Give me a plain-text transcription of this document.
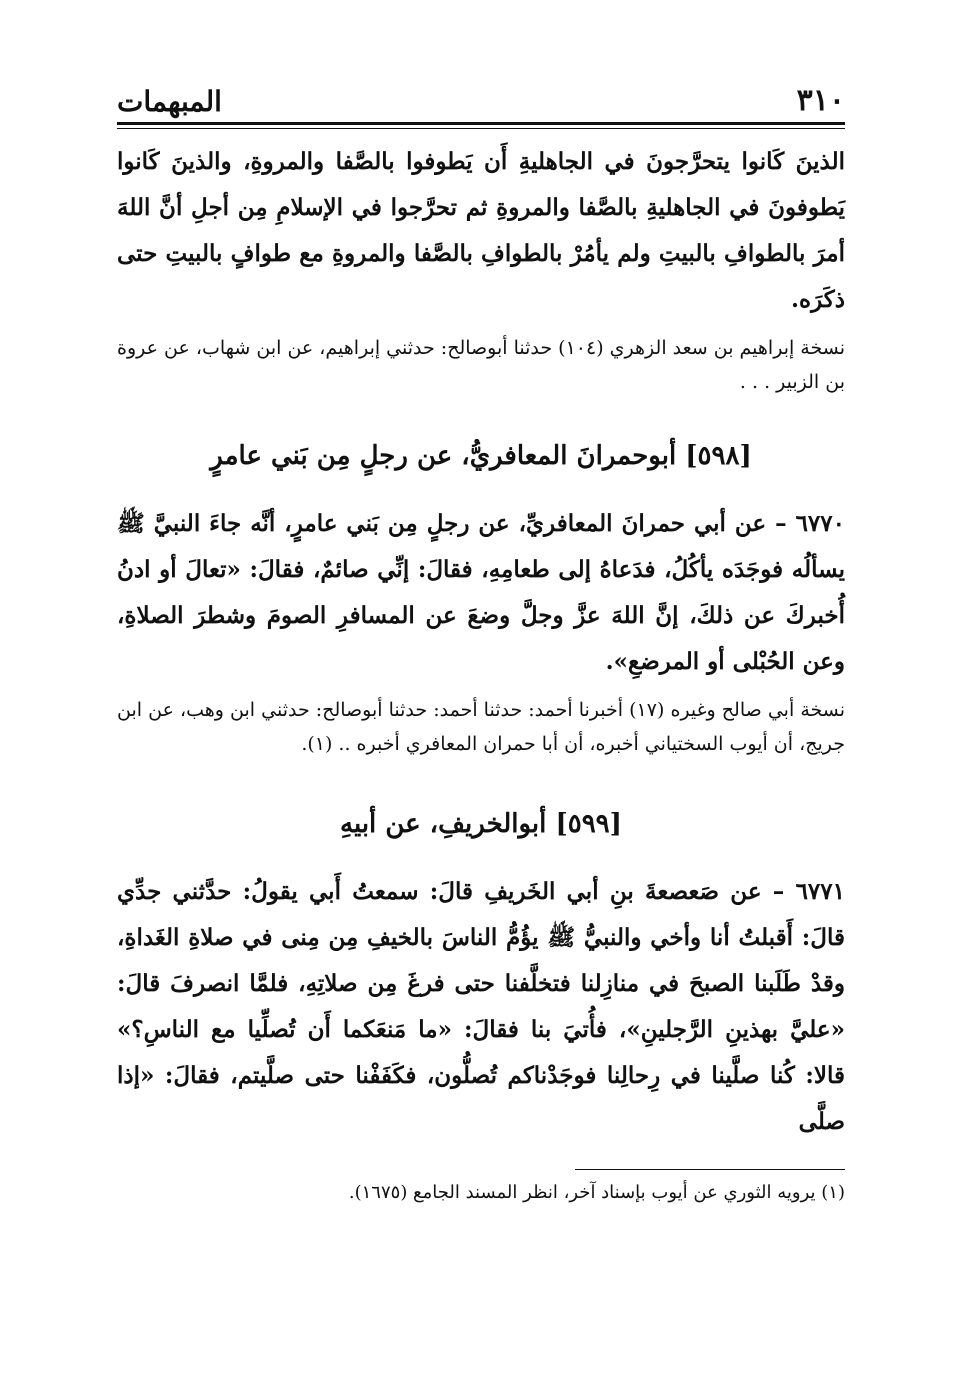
٣١٠
المبهمات

الذينَ كَانوا يتحرَّجونَ في الجاهليةِ أَن يَطوفوا بالصَّفا والمروةِ، والذينَ كَانوا يَطوفونَ في الجاهليةِ بالصَّفا والمروةِ ثم تحرَّجوا في الإسلامِ مِن أجلِ أنَّ اللهَ أمرَ بالطوافِ بالبيتِ ولم يأمُرْ بالطوافِ بالصَّفا والمروةِ مع طوافٍ بالبيتِ حتى ذكَرَه.

نسخة إبراهيم بن سعد الزهري (١٠٤) حدثنا أبوصالح: حدثني إبراهيم، عن ابن شهاب، عن عروة بن الزبير . . .

[٥٩٨] أبوحمرانَ المعافريُّ، عن رجلٍ مِن بَني عامرٍ

٦٧٧٠ – عن أبي حمرانَ المعافريِّ، عن رجلٍ مِن بَني عامرٍ، أنَّه جاءَ النبيَّ ﷺ يسألُه فوجَدَه يأكُلُ، فدَعاهُ إلى طعامِهِ، فقالَ: إنِّي صائمٌ، فقالَ: «تعالَ أو ادنُ أُخبركَ عن ذلكَ، إنَّ اللهَ عزَّ وجلَّ وضعَ عن المسافرِ الصومَ وشطرَ الصلاةِ، وعن الحُبْلى أو المرضعِ».

نسخة أبي صالح وغيره (١٧) أخبرنا أحمد: حدثنا أحمد: حدثنا أبوصالح: حدثني ابن وهب، عن ابن جريج، أن أيوب السختياني أخبره، أن أبا حمران المعافري أخبره .. (١).

[٥٩٩] أبوالخريفِ، عن أبيهِ

٦٧٧١ – عن صَعصعةَ بنِ أبي الخَريفِ قالَ: سمعتُ أَبي يقولُ: حدَّثني جدِّي قالَ: أَقبلتُ أنا وأخي والنبيُّ ﷺ يؤُمُّ الناسَ بالخيفِ مِن مِنى في صلاةِ الغَداةِ، وقدْ طَلَبنا الصبحَ في منازِلنا فتخلَّفنا حتى فرغَ مِن صلاتِهِ، فلمَّا انصرفَ قالَ: «عليَّ بهذينِ الرَّجلينِ»، فأُتيَ بنا فقالَ: «ما مَنعَكما أَن تُصلِّيا مع الناسِ؟» قالا: كُنا صلَّينا في رِحالِنا فوجَدْناكم تُصلُّون، فكَفَفْنا حتى صلَّيتم، فقالَ: «إذا صلَّى

(١) يرويه الثوري عن أيوب بإسناد آخر، انظر المسند الجامع (١٦٧٥).
